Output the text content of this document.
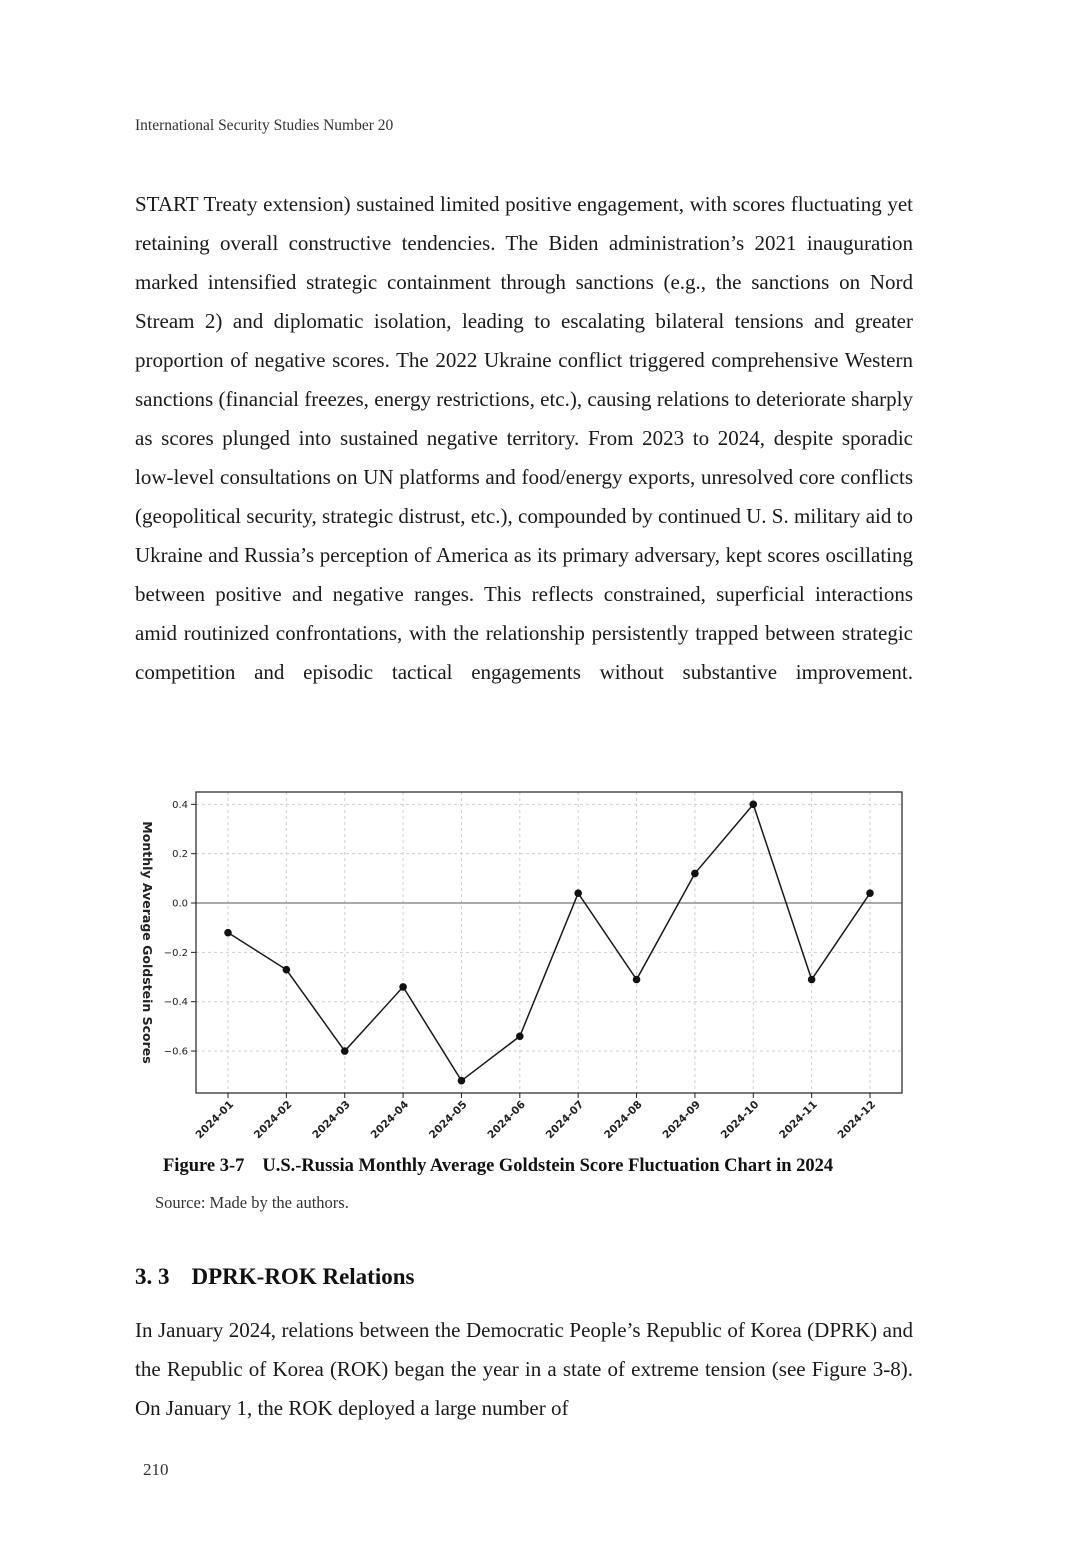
International Security Studies Number 20

START Treaty extension) sustained limited positive engagement, with scores fluctuating yet retaining overall constructive tendencies. The Biden administration’s 2021 inauguration marked intensified strategic containment through sanctions (e.g., the sanctions on Nord Stream 2) and diplomatic isolation, leading to escalating bilateral tensions and greater proportion of negative scores. The 2022 Ukraine conflict triggered comprehensive Western sanctions (financial freezes, energy restrictions, etc.), causing relations to deteriorate sharply as scores plunged into sustained negative territory. From 2023 to 2024, despite sporadic low-level consultations on UN platforms and food/energy exports, unresolved core conflicts (geopolitical security, strategic distrust, etc.), compounded by continued U. S. military aid to Ukraine and Russia’s perception of America as its primary adversary, kept scores oscillating between positive and negative ranges. This reflects constrained, superficial interactions amid routinized confrontations, with the relationship persistently trapped between strategic competition and episodic tactical engagements without substantive improvement.

0.4
0.2
0.0
−0.2
−0.4
−0.6
2024-01 2024-02 2024-03 2024-04 2024-05 2024-06 2024-07 2024-08 2024-09 2024-10 2024-11 2024-12
Monthly Average Goldstein Scores
Figure 3-7 U.S.-Russia Monthly Average Goldstein Score Fluctuation Chart in 2024
Source: Made by the authors.
3. 3 DPRK-ROK Relations

In January 2024, relations between the Democratic People’s Republic of Korea (DPRK) and the Republic of Korea (ROK) began the year in a state of extreme tension (see Figure 3-8). On January 1, the ROK deployed a large number of

210
